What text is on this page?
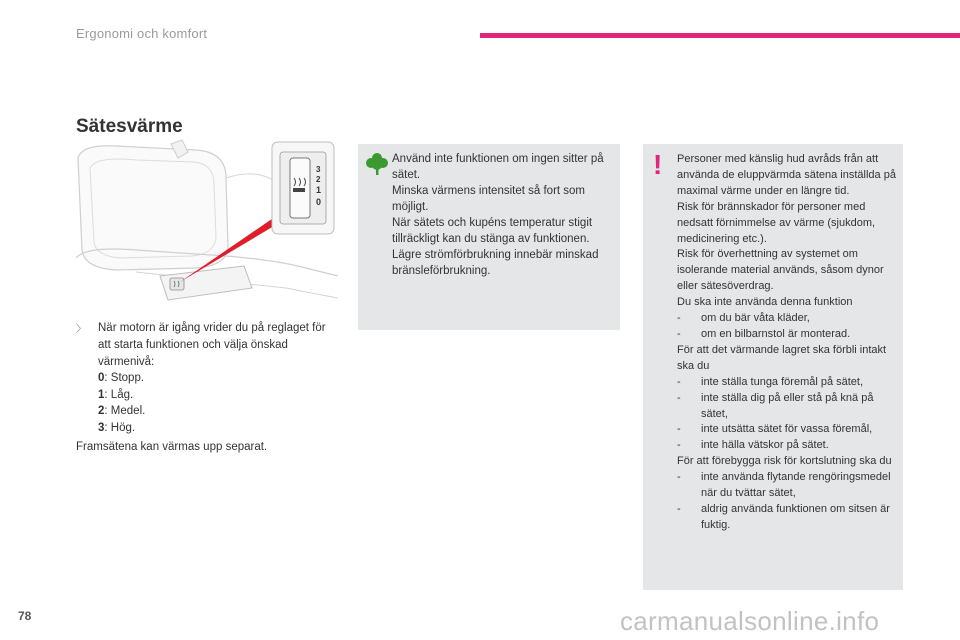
Ergonomi och komfort
Sätesvärme
3
2
1
0
〉 När motorn är igång vrider du på reglaget för att starta funktionen och välja önskad värmenivå:
0: Stopp.
1: Låg.
2: Medel.
3: Hög.
Framsätena kan värmas upp separat.
Använd inte funktionen om ingen sitter på sätet.
Minska värmens intensitet så fort som möjligt.
När sätets och kupéns temperatur stigit tillräckligt kan du stänga av funktionen. Lägre strömförbrukning innebär minskad bränsleförbrukning.
! Personer med känslig hud avråds från att använda de eluppvärmda sätena inställda på maximal värme under en längre tid.
Risk för brännskador för personer med nedsatt förnimmelse av värme (sjukdom, medicinering etc.).
Risk för överhettning av systemet om isolerande material används, såsom dynor eller sätesöverdrag.
Du ska inte använda denna funktion
- om du bär våta kläder,
- om en bilbarnstol är monterad.
För att det värmande lagret ska förbli intakt ska du
- inte ställa tunga föremål på sätet,
- inte ställa dig på eller stå på knä på sätet,
- inte utsätta sätet för vassa föremål,
- inte hälla vätskor på sätet.
För att förebygga risk för kortslutning ska du
- inte använda flytande rengöringsmedel när du tvättar sätet,
- aldrig använda funktionen om sitsen är fuktig.
78	carmanualsonline.info
